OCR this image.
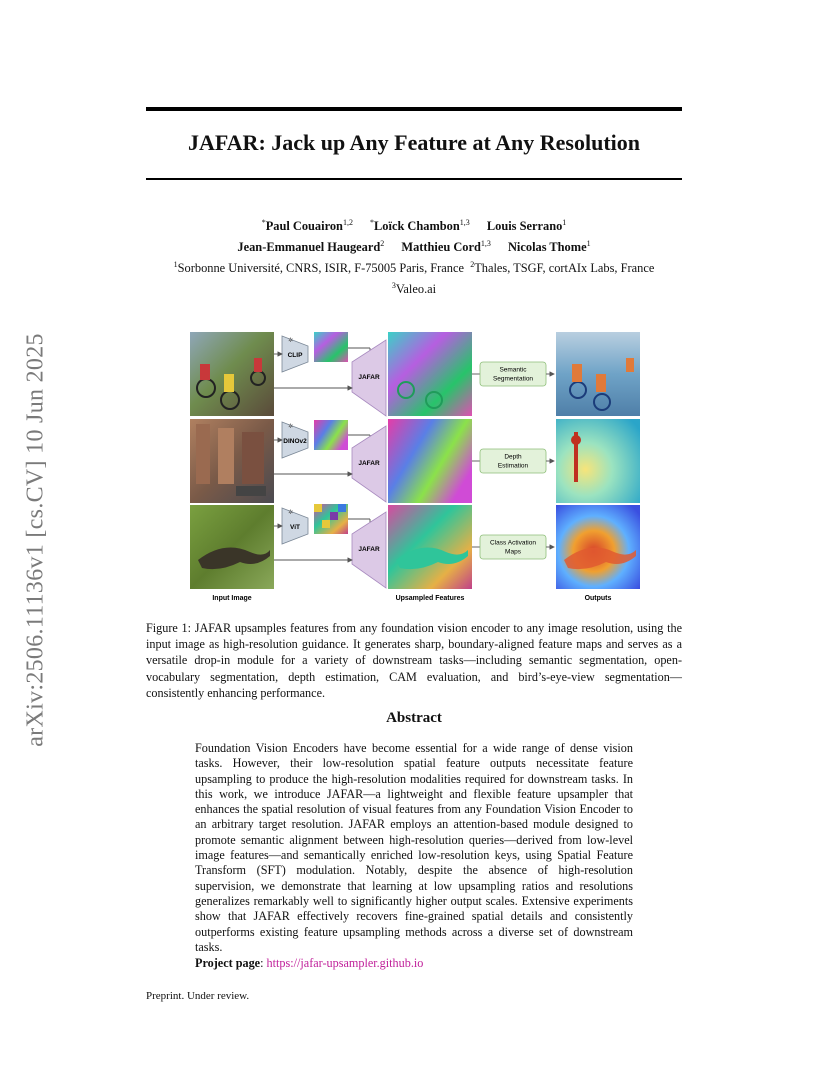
JAFAR: Jack up Any Feature at Any Resolution
*Paul Couairon$^{1,2}$ *Loïck Chambon$^{1,3}$ Louis Serrano$^1$
Jean-Emmanuel Haugeard$^2$ Matthieu Cord$^{1,3}$ Nicolas Thome$^1$
$^1$Sorbonne Université, CNRS, ISIR, F-75005 Paris, France $^2$Thales, TSGF, cortAIx Labs, France
$^3$Valeo.ai
arXiv:2506.11136v1 [cs.CV] 10 Jun 2025	CLIP
✲
JAFAR
Semantic
Segmentation
DINOv2
✲
JAFAR
Depth
Estimation
ViT
✲
JAFAR
Class Activation
Maps
Input Image	Upsampled Features	Outputs
Figure 1: JAFAR upsamples features from any foundation vision encoder to any image resolution, using the input image as high-resolution guidance. It generates sharp, boundary-aligned feature maps and serves as a versatile drop-in module for a variety of downstream tasks—including semantic segmentation, open-vocabulary segmentation, depth estimation, CAM evaluation, and bird’s-eye-view segmentation—consistently enhancing performance.
Abstract
Foundation Vision Encoders have become essential for a wide range of dense vision tasks. However, their low-resolution spatial feature outputs necessitate feature upsampling to produce the high-resolution modalities required for downstream tasks. In this work, we introduce JAFAR—a lightweight and flexible feature upsampler that enhances the spatial resolution of visual features from any Foundation Vision Encoder to an arbitrary target resolution. JAFAR employs an attention-based module designed to promote semantic alignment between high-resolution queries—derived from low-level image features—and semantically enriched low-resolution keys, using Spatial Feature Transform (SFT) modulation. Notably, despite the absence of high-resolution supervision, we demonstrate that learning at low upsampling ratios and resolutions generalizes remarkably well to significantly higher output scales. Extensive experiments show that JAFAR effectively recovers fine-grained spatial details and consistently outperforms existing feature upsampling methods across a diverse set of downstream tasks.
Project page: https://jafar-upsampler.github.io
Preprint. Under review.
